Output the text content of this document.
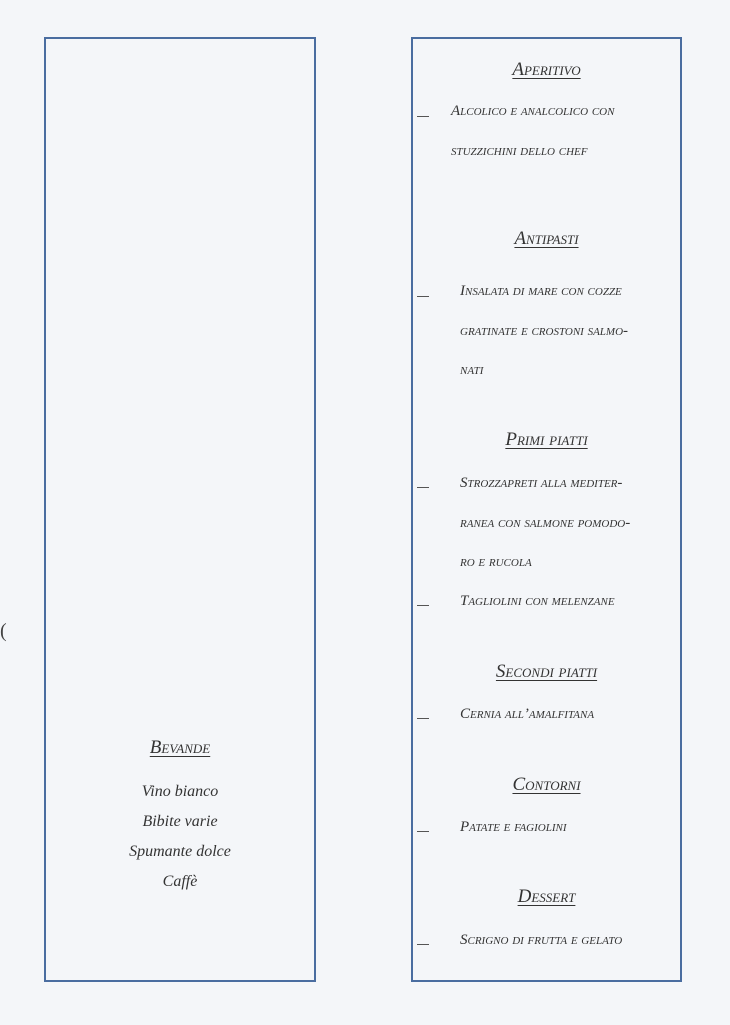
(
Bevande
Vino bianco
Bibite varie
Spumante dolce
Caffè
Aperitivo
Alcolico e analcolico con
stuzzichini dello chef
Antipasti
Insalata di mare con cozze
gratinate e crostoni salmo-
nati
Primi piatti
Strozzapreti alla mediter-
ranea con salmone pomodo-
ro e rucola
Tagliolini con melenzane
Secondi piatti
Cernia all’amalfitana
Contorni
Patate e fagiolini
Dessert
Scrigno di frutta e gelato
